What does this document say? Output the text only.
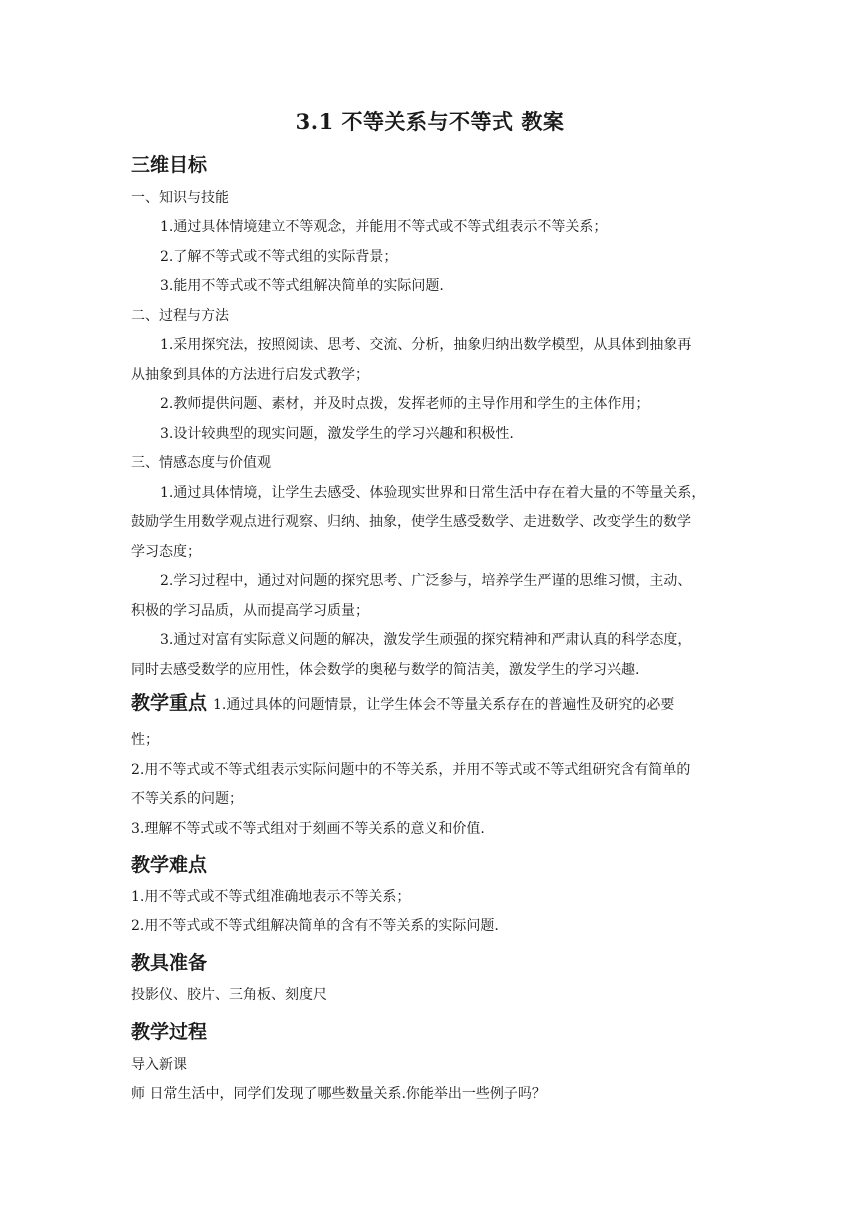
3.1 不等关系与不等式 教案
三维目标
一、知识与技能
1.通过具体情境建立不等观念，并能用不等式或不等式组表示不等关系；
2.了解不等式或不等式组的实际背景；
3.能用不等式或不等式组解决简单的实际问题.
二、过程与方法
1.采用探究法，按照阅读、思考、交流、分析，抽象归纳出数学模型，从具体到抽象再
从抽象到具体的方法进行启发式教学；
2.教师提供问题、素材，并及时点拨，发挥老师的主导作用和学生的主体作用；
3.设计较典型的现实问题，激发学生的学习兴趣和积极性.
三、情感态度与价值观
1.通过具体情境，让学生去感受、体验现实世界和日常生活中存在着大量的不等量关系，
鼓励学生用数学观点进行观察、归纳、抽象，使学生感受数学、走进数学、改变学生的数学
学习态度；
2.学习过程中，通过对问题的探究思考、广泛参与，培养学生严谨的思维习惯，主动、
积极的学习品质，从而提高学习质量；
3.通过对富有实际意义问题的解决，激发学生顽强的探究精神和严肃认真的科学态度，
同时去感受数学的应用性，体会数学的奥秘与数学的简洁美，激发学生的学习兴趣.
教学重点 1.通过具体的问题情景，让学生体会不等量关系存在的普遍性及研究的必要
性；
2.用不等式或不等式组表示实际问题中的不等关系，并用不等式或不等式组研究含有简单的
不等关系的问题；
3.理解不等式或不等式组对于刻画不等关系的意义和价值.
教学难点
1.用不等式或不等式组准确地表示不等关系；
2.用不等式或不等式组解决简单的含有不等关系的实际问题.
教具准备
投影仪、胶片、三角板、刻度尺
教学过程
导入新课
师 日常生活中，同学们发现了哪些数量关系.你能举出一些例子吗？
